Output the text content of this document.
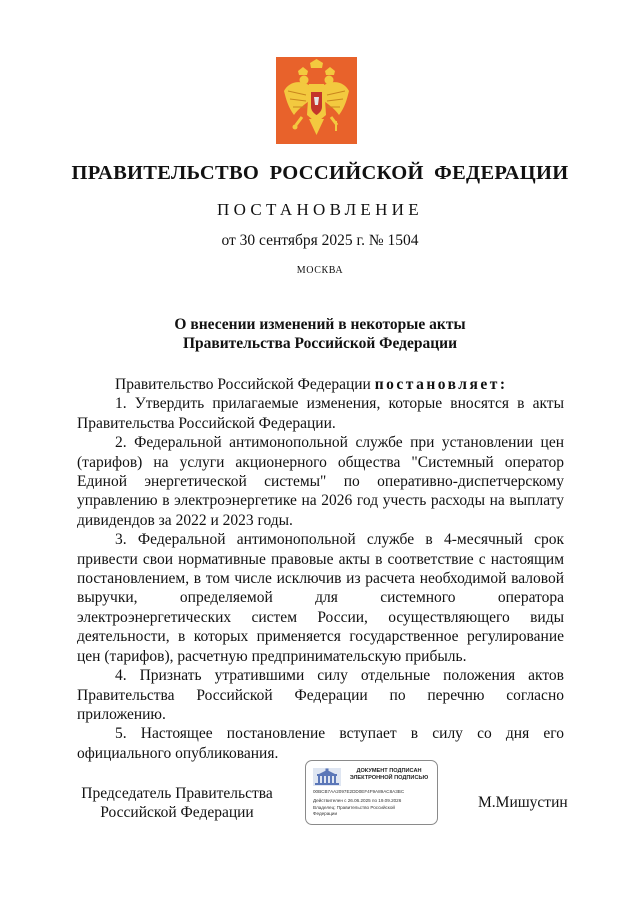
ПРАВИТЕЛЬСТВО РОССИЙСКОЙ ФЕДЕРАЦИИ
ПОСТАНОВЛЕНИЕ
от 30 сентября 2025 г. № 1504
МОСКВА
О внесении изменений в некоторые акты
Правительства Российской Федерации

Правительство Российской Федерации постановляет:

1. Утвердить прилагаемые изменения, которые вносятся в акты Правительства Российской Федерации.

2. Федеральной антимонопольной службе при установлении цен (тарифов) на услуги акционерного общества "Системный оператор Единой энергетической системы" по оперативно-диспетчерскому управлению в электроэнергетике на 2026 год учесть расходы на выплату дивидендов за 2022 и 2023 годы.

3. Федеральной антимонопольной службе в 4-месячный срок привести свои нормативные правовые акты в соответствие с настоящим постановлением, в том числе исключив из расчета необходимой валовой выручки, определяемой для системного оператора электроэнергетических систем России, осуществляющего виды деятельности, в которых применяется государственное регулирование цен (тарифов), расчетную предпринимательскую прибыль.

4. Признать утратившими силу отдельные положения актов Правительства Российской Федерации по перечню согласно приложению.

5. Настоящее постановление вступает в силу со дня его официального опубликования.

Председатель Правительства
Российской Федерации
ДОКУМЕНТ ПОДПИСАН
ЭЛЕКТРОННОЙ ПОДПИСЬЮ
00BCB7AA2097E2DD0EF4F9A89AC8A3BC
Действителен с 26.06.2025 по 19.09.2026
Владелец: Правительство Российской
Федерации
М.Мишустин
